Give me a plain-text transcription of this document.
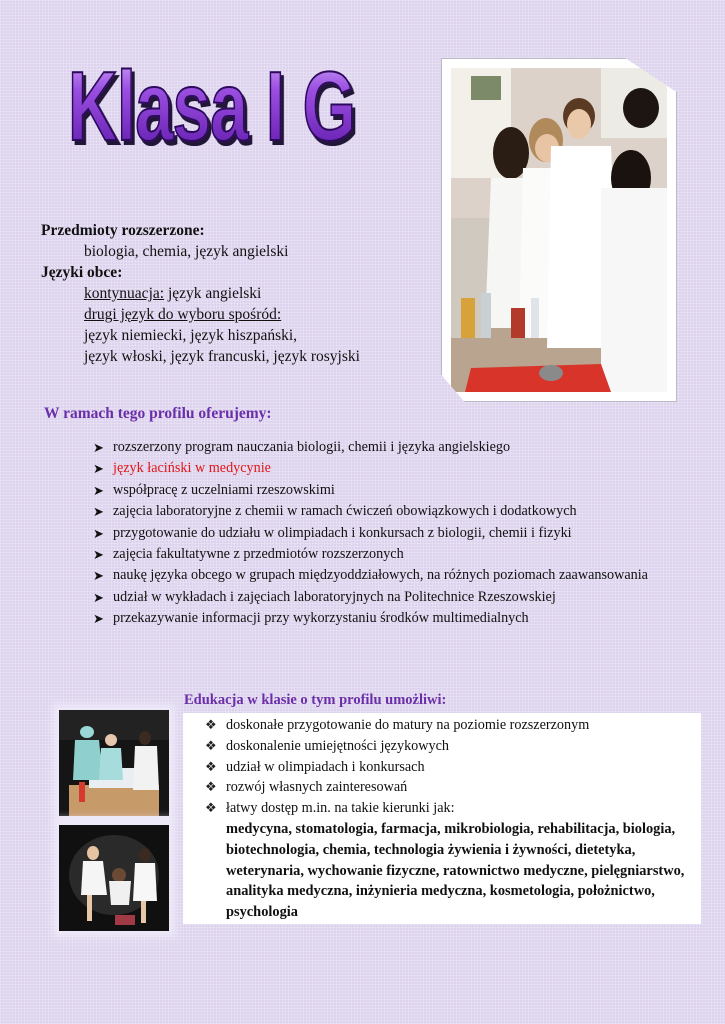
Klasa I G
Przedmioty rozszerzone:
biologia, chemia, język angielski
Języki obce:
kontynuacja: język angielski
drugi język do wyboru spośród:
język niemiecki, język hiszpański,
język włoski, język francuski, język rosyjski
W ramach tego profilu oferujemy:
➤ rozszerzony program nauczania biologii, chemii i języka angielskiego
➤ język łaciński w medycynie
➤ współpracę z uczelniami rzeszowskimi
➤ zajęcia laboratoryjne z chemii w ramach ćwiczeń obowiązkowych i dodatkowych
➤ przygotowanie do udziału w olimpiadach i konkursach z biologii, chemii i fizyki
➤ zajęcia fakultatywne z przedmiotów rozszerzonych
➤ naukę języka obcego w grupach międzyoddziałowych, na różnych poziomach zaawansowania
➤ udział w wykładach i zajęciach laboratoryjnych na Politechnice Rzeszowskiej
➤ przekazywanie informacji przy wykorzystaniu środków multimedialnych
Edukacja w klasie o tym profilu umożliwi:
❖ doskonałe przygotowanie do matury na poziomie rozszerzonym
❖ doskonalenie umiejętności językowych
❖ udział w olimpiadach i konkursach
❖ rozwój własnych zainteresowań
❖ łatwy dostęp m.in. na takie kierunki jak:
medycyna, stomatologia, farmacja, mikrobiologia, rehabilitacja, biologia, biotechnologia, chemia, technologia żywienia i żywności, dietetyka, weterynaria, wychowanie fizyczne, ratownictwo medyczne, pielęgniarstwo, analityka medyczna, inżynieria medyczna, kosmetologia, położnictwo, psychologia
